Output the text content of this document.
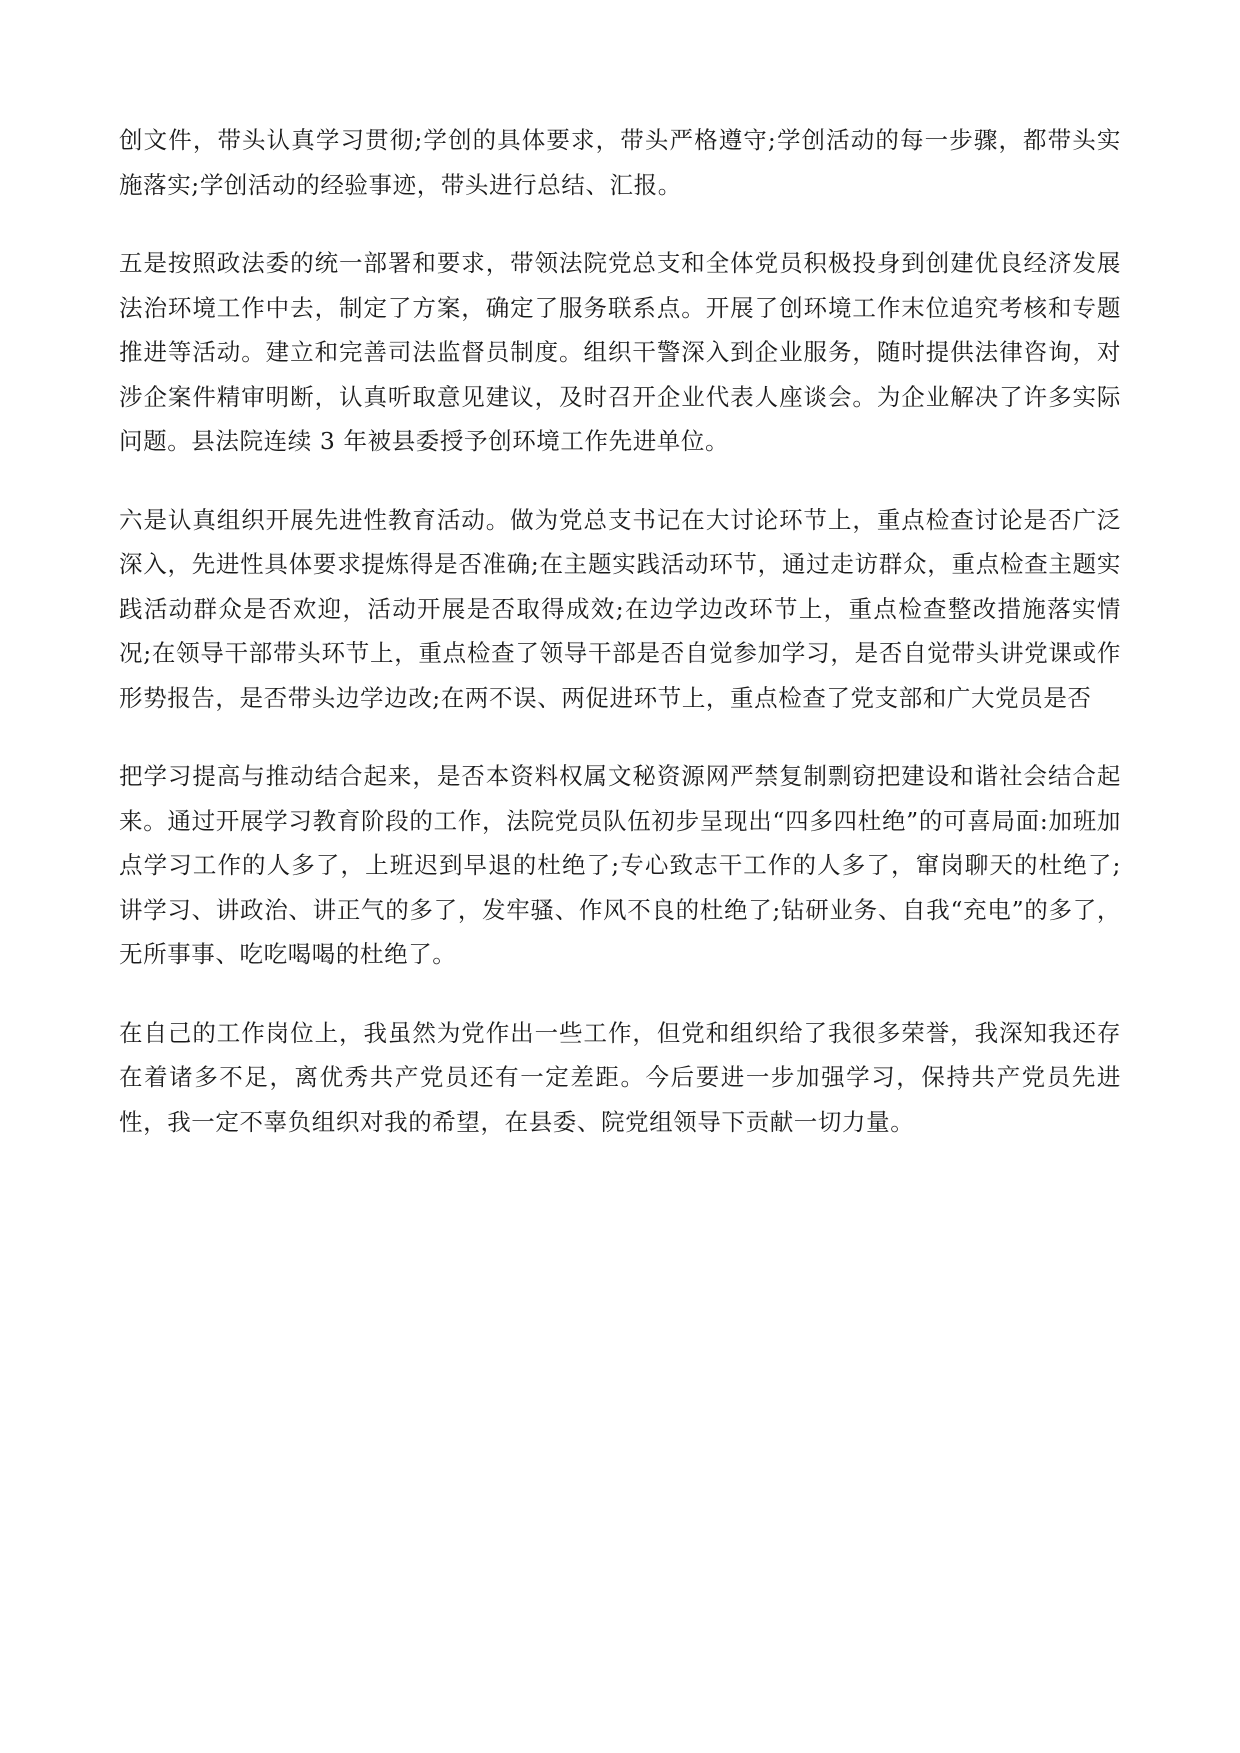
创文件，带头认真学习贯彻;学创的具体要求，带头严格遵守;学创活动的每一步骤，都带头实施落实;学创活动的经验事迹，带头进行总结、汇报。

五是按照政法委的统一部署和要求，带领法院党总支和全体党员积极投身到创建优良经济发展法治环境工作中去，制定了方案，确定了服务联系点。开展了创环境工作末位追究考核和专题推进等活动。建立和完善司法监督员制度。组织干警深入到企业服务，随时提供法律咨询，对涉企案件精审明断，认真听取意见建议，及时召开企业代表人座谈会。为企业解决了许多实际问题。县法院连续 3 年被县委授予创环境工作先进单位。

六是认真组织开展先进性教育活动。做为党总支书记在大讨论环节上，重点检查讨论是否广泛深入，先进性具体要求提炼得是否准确;在主题实践活动环节，通过走访群众，重点检查主题实践活动群众是否欢迎，活动开展是否取得成效;在边学边改环节上，重点检查整改措施落实情况;在领导干部带头环节上，重点检查了领导干部是否自觉参加学习，是否自觉带头讲党课或作形势报告，是否带头边学边改;在两不误、两促进环节上，重点检查了党支部和广大党员是否

把学习提高与推动结合起来，是否本资料权属文秘资源网严禁复制剽窃把建设和谐社会结合起来。通过开展学习教育阶段的工作，法院党员队伍初步呈现出“四多四杜绝”的可喜局面:加班加点学习工作的人多了，上班迟到早退的杜绝了;专心致志干工作的人多了，窜岗聊天的杜绝了;讲学习、讲政治、讲正气的多了，发牢骚、作风不良的杜绝了;钻研业务、自我“充电”的多了，无所事事、吃吃喝喝的杜绝了。

在自己的工作岗位上，我虽然为党作出一些工作，但党和组织给了我很多荣誉，我深知我还存在着诸多不足，离优秀共产党员还有一定差距。今后要进一步加强学习，保持共产党员先进性，我一定不辜负组织对我的希望，在县委、院党组领导下贡献一切力量。
